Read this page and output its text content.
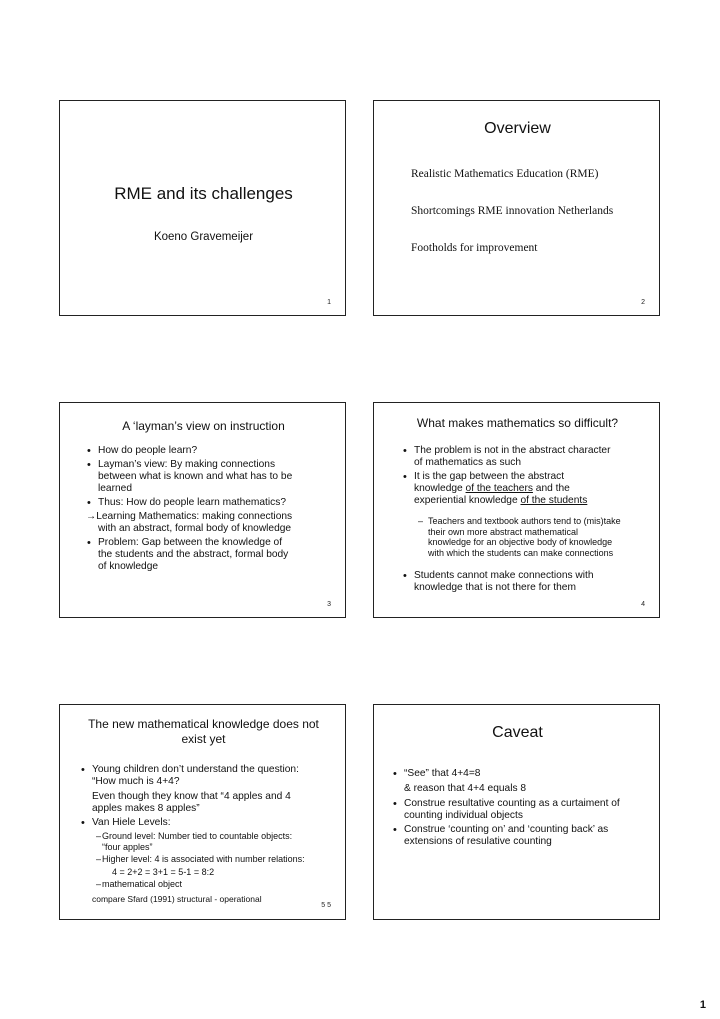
RME and its challenges
Koeno Gravemeijer
1
Overview
Realistic Mathematics Education (RME)
Shortcomings RME innovation Netherlands
Footholds for improvement
2
A ‘layman’s view on instruction
• How do people learn?
• Layman’s view: By making connections
between what is known and what has to be
learned
• Thus: How do people learn mathematics?
→Learning Mathematics: making connections
with an abstract, formal body of knowledge
• Problem: Gap between the knowledge of
the students and the abstract, formal body
of knowledge
3
What makes mathematics so difficult?
• The problem is not in the abstract character
of mathematics as such
• It is the gap between the abstract
knowledge of the teachers and the
experiential knowledge of the students
– Teachers and textbook authors tend to (mis)take
their own more abstract mathematical
knowledge for an objective body of knowledge
with which the students can make connections
• Students cannot make connections with
knowledge that is not there for them
4
The new mathematical knowledge does not
exist yet
• Young children don’t understand the question:
“How much is 4+4?
Even though they know that “4 apples and 4
apples makes 8 apples”
• Van Hiele Levels:
– Ground level: Number tied to countable objects:
“four apples”
– Higher level: 4 is associated with number relations:
4 = 2+2 = 3+1 = 5-1 = 8:2
– mathematical object
compare Sfard (1991) structural - operational
5 5
Caveat
• “See” that 4+4=8
& reason that 4+4 equals 8
• Construe resultative counting as a curtaiment of
counting individual objects
• Construe ‘counting on’ and ‘counting back’ as
extensions of resulative counting
1
